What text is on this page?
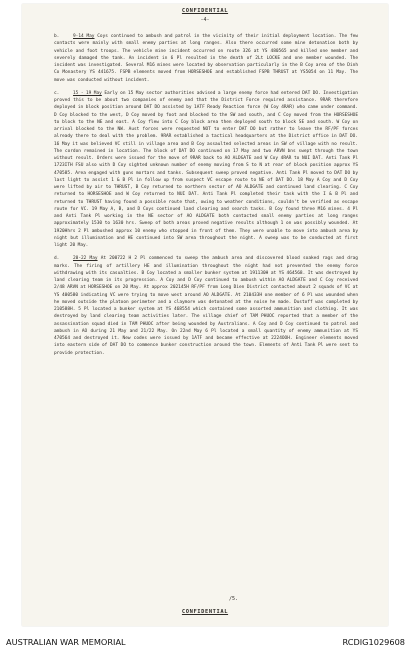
CONFIDENTIAL
-4-

b.	9-14 May Coys continued to ambush and patrol in the vicinity of their initial deployment location. The few contacts were mainly with small enemy parties at long ranges. Also there occurred some mine detonation both by vehicle and foot troops. The vehicle mine incident occurred on route 326 at YS 480565 and killed one member and severely damaged the tank. An incident in 6 Pl resulted in the death of 2Lt LOCKE and one member wounded. The incident was investigated. Several M16 mines were located by observation particularly in the B Coy area of the Dinh Co Monastery YS 441675. FSPB elements moved from HORSESHOE and established FSPB THRUST at YS5054 on 11 May. The move was conducted without incident.

c.	15 - 19 May Early on 15 May sector authorities advised a large enemy force had entered DAT DO. Investigation proved this to be about two companies of enemy and that the District Force required assistance. 9RAR therefore deployed in block position around DAT DO assisted by 1ATF Ready Reaction force (W Coy 4RAR) who came under command. D Coy blocked to the west, D Coy moved by foot and blocked to the SW and south, and C Coy moved from the HORSESHOE to block to the NE and east. A Coy flew into C Coy block area then deployed south to block SE and south. W Coy on arrival blocked to the NW. Aust forces were requested NOT to enter DAT DO but rather to leave the RF/PF forces already there to deal with the problem. 9RAR established a tactical headquarters at the District office in DAT DO. 16 May it was believed VC still in village area and B Coy assaulted selected areas in SW of village with no result. The cordon remained in location. The block of DAT DO continued on 17 May and two ARVN bns swept through the town without result. Orders were issued for the move of 9RAR back to AO ALDGATE and W Coy 4RAR to NUI DAT. Anti Tank Pl 1723ITH FSU also with D Coy sighted unknown number of enemy moving from S to N at rear of block position approx YS 470585. Area engaged with guns mortars and tanks. Subsequent sweep proved negative. Anti Tank Pl moved to DAT DO by last light to assist 1 & B Pl in follow up from suspect VC escape route to NE of DAT DO. 18 May A Coy and D Coy were lifted by air to THRUST, B Coy returned to northern sector of AO ALDGATE and continued land clearing. C Coy returned to HORSESHOE and W Coy returned to NUI DAT. Anti Tank Pl completed their task with the I & B Pl and returned to THRUST having found a possible route that, owing to weather conditions, couldn't be verified as escape route for VC. 19 May A, B, and D Coys continued land clearing and search tasks. B Coy found three M16 mines. 4 Pl and Anti Tank Pl working in the NE sector of AO ALDGATE both contacted small enemy parties at long ranges approximately 1530 to 1630 hrs. Sweep of both areas proved negative results although 1 on was possibly wounded. At 1920Hhrs 2 Pl ambushed approx 10 enemy who stopped in front of them. They were unable to move into ambush area by night but illumination and HE continued into SW area throughout the night. A sweep was to be conducted at first light 20 May.

d.	20-22 May At 200722 H 2 Pl commenced to sweep the ambush area and discovered blood soaked rags and drag marks. The firing of artillery HE and illumination throughout the night had not prevented the enemy force withdrawing with its casualties. B Coy located a smaller bunker system at 191130H at YS 464568. It was destroyed by land clearing team in its progression. A Coy and D Coy continued to ambush within AO ALDGATE and C Coy received 2/48 ARVN at HORSESHOE on 20 May. At approx 202145H RF/PF from Long Dien District contacted about 2 squads of VC at YS 400580 indicating VC were trying to move west around AO ALDGATE. At 210433H one member of 6 Pl was wounded when he moved outside the platoon perimeter and a claymore was detonated at the noise he made. Dustoff was completed by 210588H. 5 Pl located a bunker system at YS 468554 which contained some assorted ammunition and clothing. It was destroyed by land clearing team activities later. The village chief of TAM PHUOC reported that a member of the assassination squad died in TAM PHUOC after being wounded by Australians. A Coy and D Coy continued to patrol and ambush in AO during 21 May and 21/22 May. On 22nd May 6 Pl located a small quantity of enemy ammunition at YS 470564 and destroyed it. New codes were issued by 1ATF and became effective at 2224OOH. Engineer elements moved into eastern side of DAT DO to commence bunker construction around the town. Elements of Anti Tank Pl were sent to provide protection.

/5.
CONFIDENTIAL
AUSTRALIAN WAR MEMORIAL	RCDIG1029608
